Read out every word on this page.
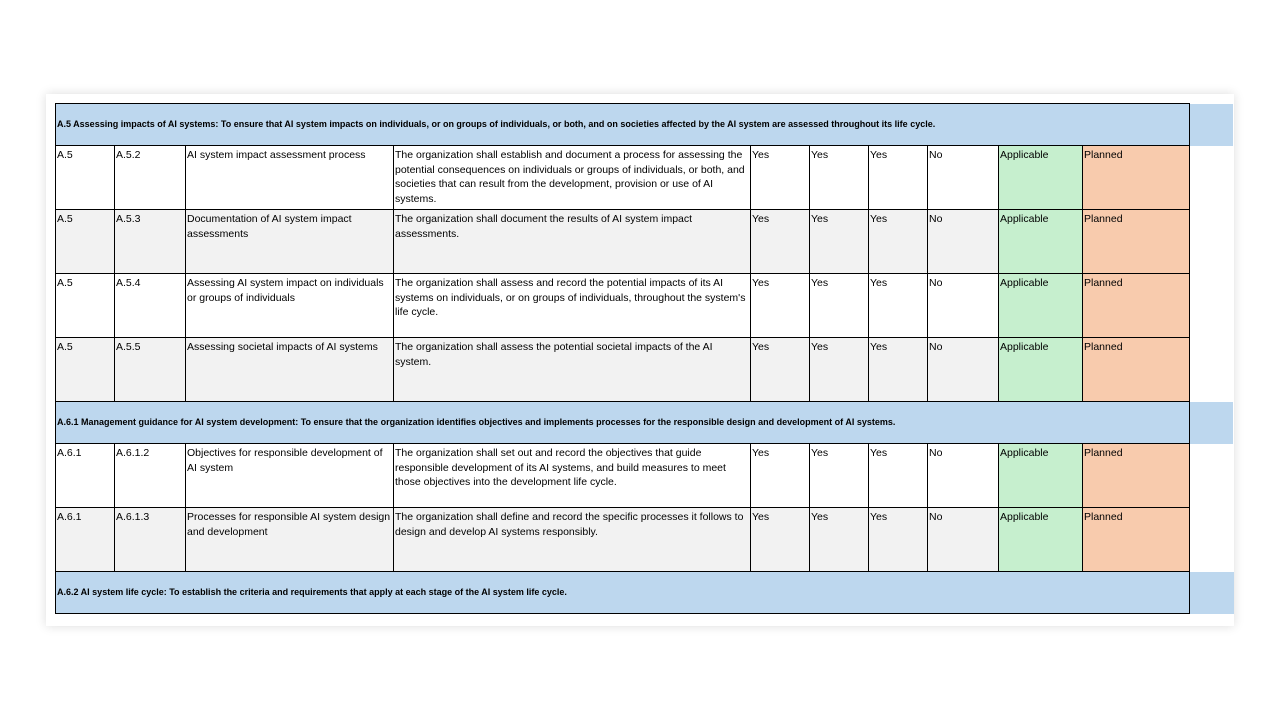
A.5 Assessing impacts of AI systems: To ensure that AI system impacts on individuals, or on groups of individuals, or both, and on societies affected by the AI system are assessed throughout its life cycle.										
A.5	A.5.2	AI system impact assessment process	The organization shall establish and document a process for assessing the potential consequences on individuals or groups of individuals, or both, and societies that can result from the development, provision or use of AI systems.	Yes	Yes	Yes	No	Applicable	Planned	
A.5	A.5.3	Documentation of AI system impact assessments	The organization shall document the results of AI system impact assessments.	Yes	Yes	Yes	No	Applicable	Planned	
A.5	A.5.4	Assessing AI system impact on individuals or groups of individuals	The organization shall assess and record the potential impacts of its AI systems on individuals, or on groups of individuals, throughout the system's life cycle.	Yes	Yes	Yes	No	Applicable	Planned	
A.5	A.5.5	Assessing societal impacts of AI systems	The organization shall assess the potential societal impacts of the AI system.	Yes	Yes	Yes	No	Applicable	Planned	
A.6.1 Management guidance for AI system development: To ensure that the organization identifies objectives and implements processes for the responsible design and development of AI systems.										
A.6.1	A.6.1.2	Objectives for responsible development of AI system	The organization shall set out and record the objectives that guide responsible development of its AI systems, and build measures to meet those objectives into the development life cycle.	Yes	Yes	Yes	No	Applicable	Planned	
A.6.1	A.6.1.3	Processes for responsible AI system design and development	The organization shall define and record the specific processes it follows to design and develop AI systems responsibly.	Yes	Yes	Yes	No	Applicable	Planned	
A.6.2 AI system life cycle: To establish the criteria and requirements that apply at each stage of the AI system life cycle.										
